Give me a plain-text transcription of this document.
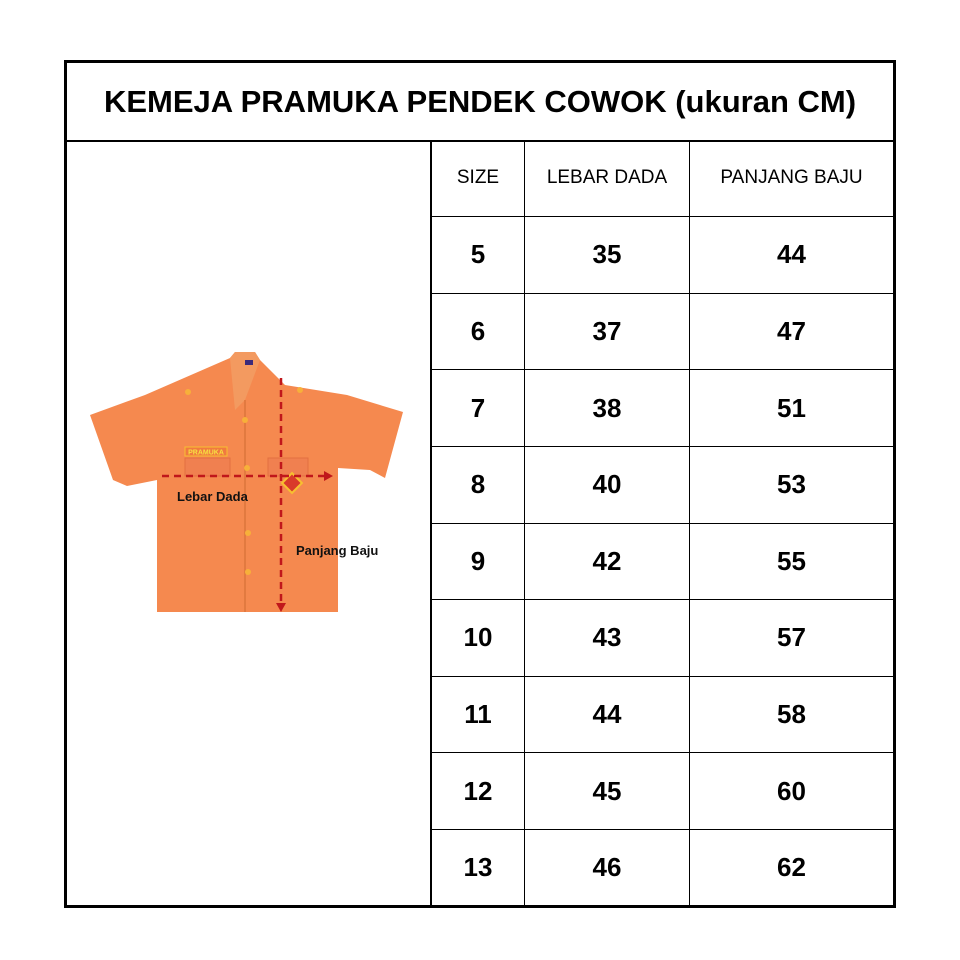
KEMEJA PRAMUKA PENDEK COWOK (ukuran CM)
SIZE	LEBAR DADA	PANJANG BAJU
5	35	44
6	37	47
7	38	51
8	40	53
9	42	55
10	43	57
11	44	58
12	45	60
13	46	62
PRAMUKA
Lebar Dada
Panjang Baju
